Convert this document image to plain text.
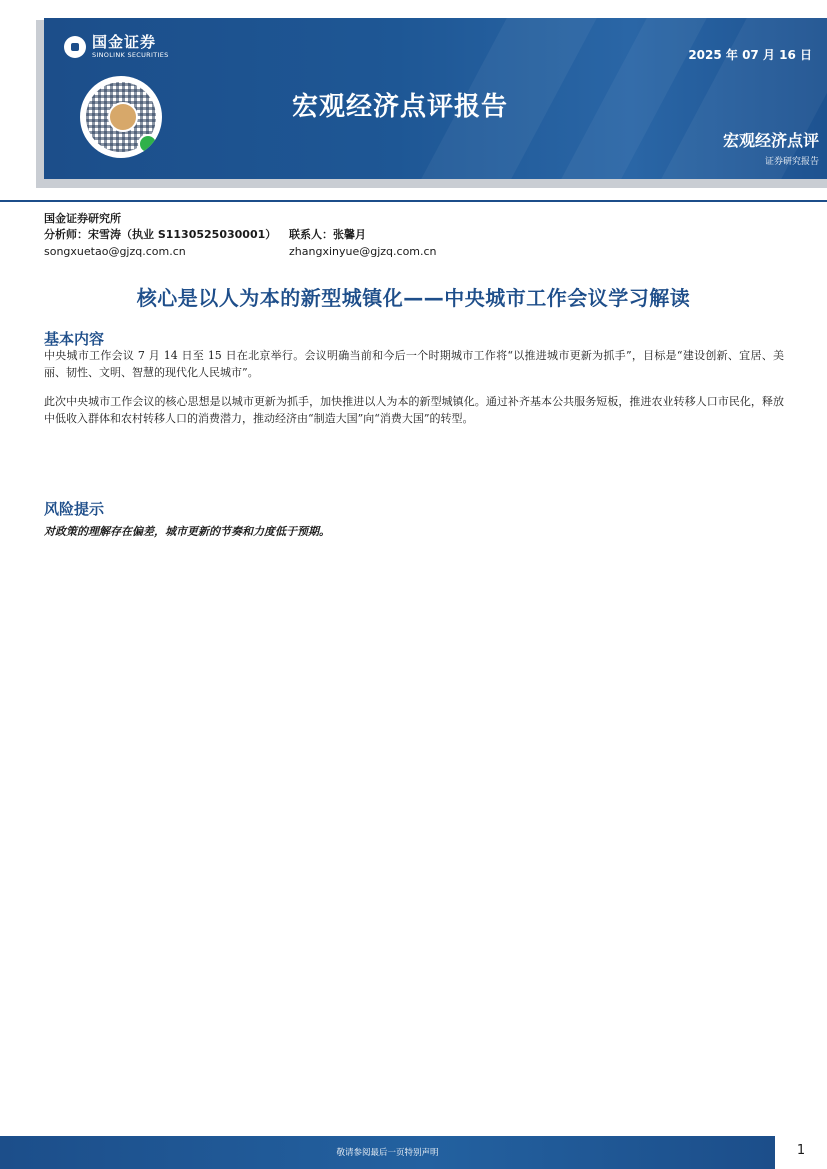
国金证券
SINOLINK SECURITIES
宏观经济点评报告
2025 年 07 月 16 日
宏观经济点评
证券研究报告
国金证券研究所
分析师：宋雪涛（执业 S1130525030001） 联系人：张馨月
songxuetao@gjzq.com.cn	zhangxinyue@gjzq.com.cn
核心是以人为本的新型城镇化——中央城市工作会议学习解读
基本内容

中央城市工作会议 7 月 14 日至 15 日在北京举行。会议明确当前和今后一个时期城市工作将“以推进城市更新为抓手”，目标是“建设创新、宜居、美丽、韧性、文明、智慧的现代化人民城市”。

此次中央城市工作会议的核心思想是以城市更新为抓手，加快推进以人为本的新型城镇化。通过补齐基本公共服务短板，推进农业转移人口市民化，释放中低收入群体和农村转移人口的消费潜力，推动经济由“制造大国”向“消费大国”的转型。

风险提示

对政策的理解存在偏差，城市更新的节奏和力度低于预期。

敬请参阅最后一页特别声明	1
